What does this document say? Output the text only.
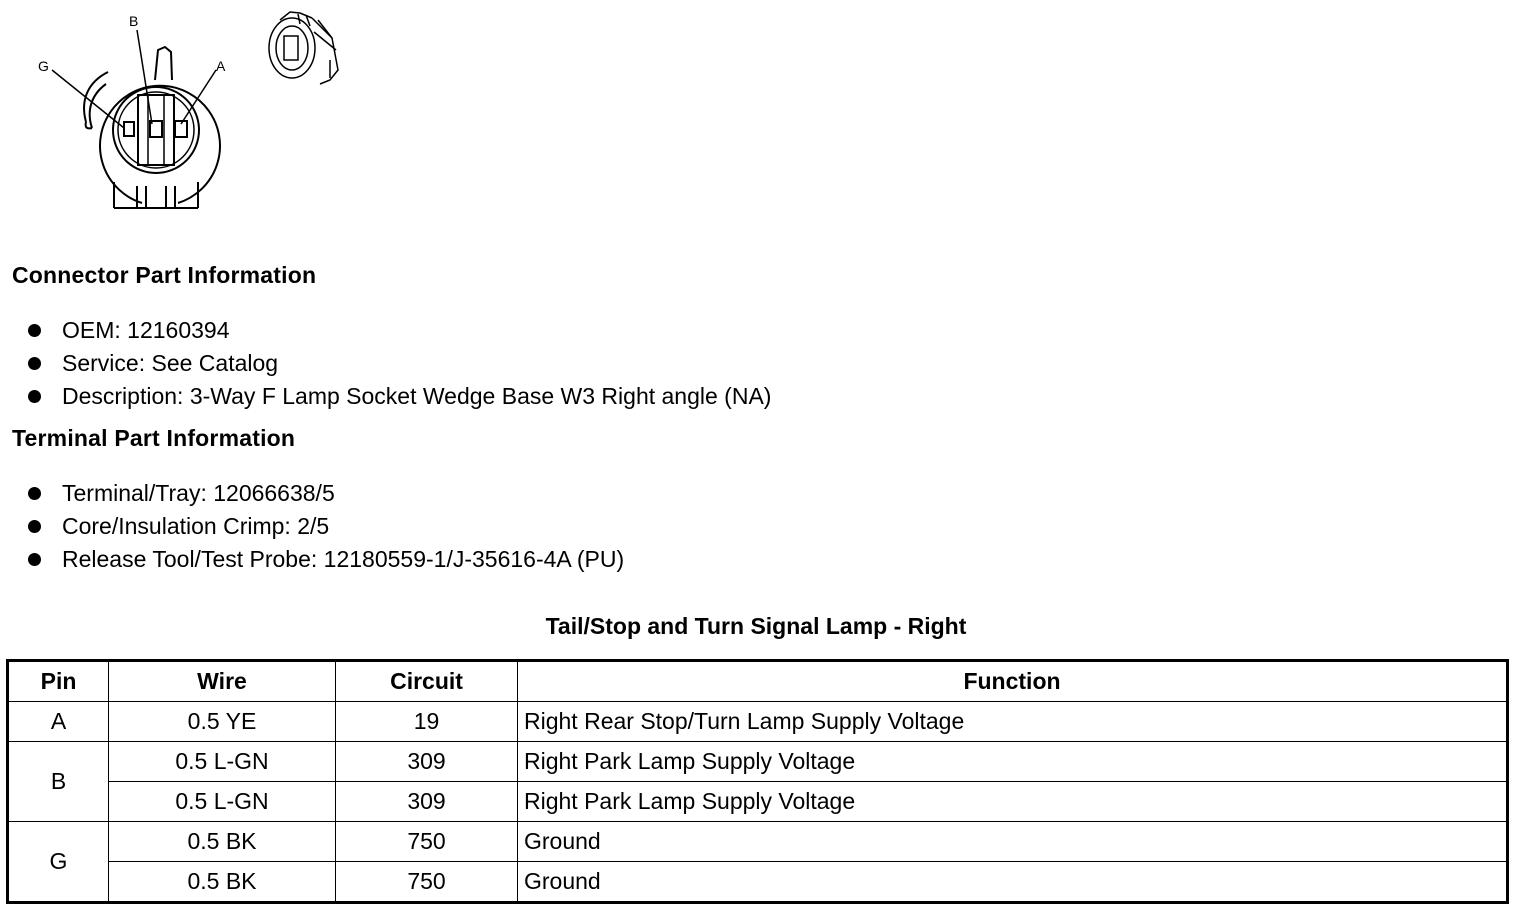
G
B
A
Connector Part Information
OEM: 12160394
Service: See Catalog
Description: 3-Way F Lamp Socket Wedge Base W3 Right angle (NA)
Terminal Part Information
Terminal/Tray: 12066638/5
Core/Insulation Crimp: 2/5
Release Tool/Test Probe: 12180559-1/J-35616-4A (PU)

Tail/Stop and Turn Signal Lamp - Right

Pin	Wire	Circuit	Function
A	0.5 YE	19	Right Rear Stop/Turn Lamp Supply Voltage
B	0.5 L-GN	309	Right Park Lamp Supply Voltage
	0.5 L-GN	309	Right Park Lamp Supply Voltage
G	0.5 BK	750	Ground
	0.5 BK	750	Ground
